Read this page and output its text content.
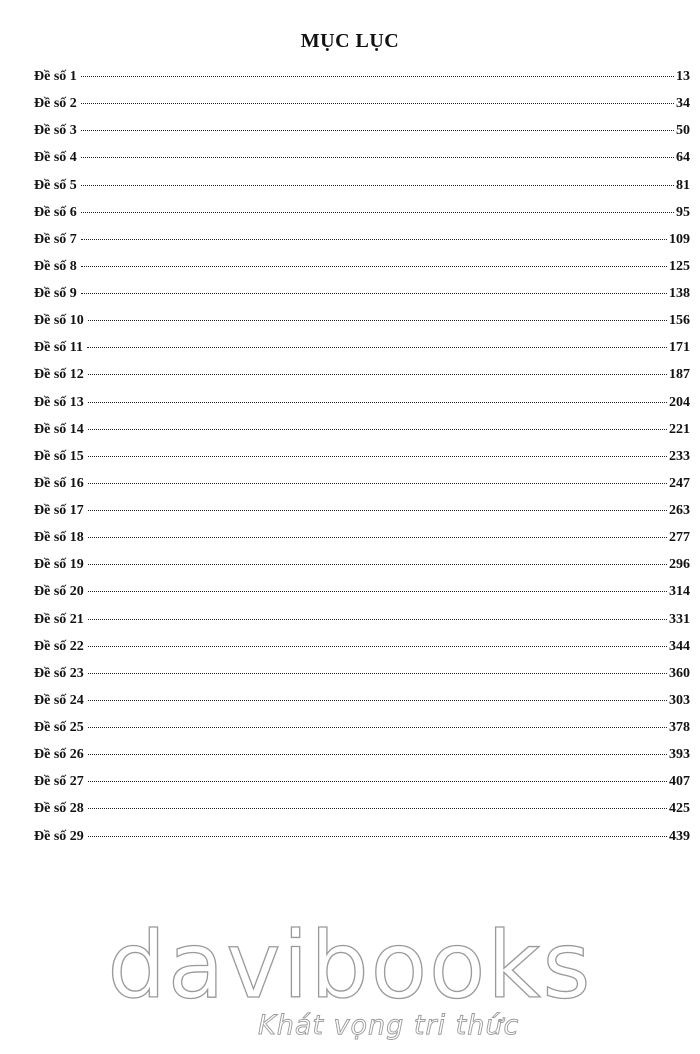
MỤC LỤC
Đề số 1	13
Đề số 2	34
Đề số 3	50
Đề số 4	64
Đề số 5	81
Đề số 6	95
Đề số 7	109
Đề số 8	125
Đề số 9	138
Đề số 10	156
Đề số 11	171
Đề số 12	187
Đề số 13	204
Đề số 14	221
Đề số 15	233
Đề số 16	247
Đề số 17	263
Đề số 18	277
Đề số 19	296
Đề số 20	314
Đề số 21	331
Đề số 22	344
Đề số 23	360
Đề số 24	303
Đề số 25	378
Đề số 26	393
Đề số 27	407
Đề số 28	425
Đề số 29	439
davibooks
Khát vọng tri thức
